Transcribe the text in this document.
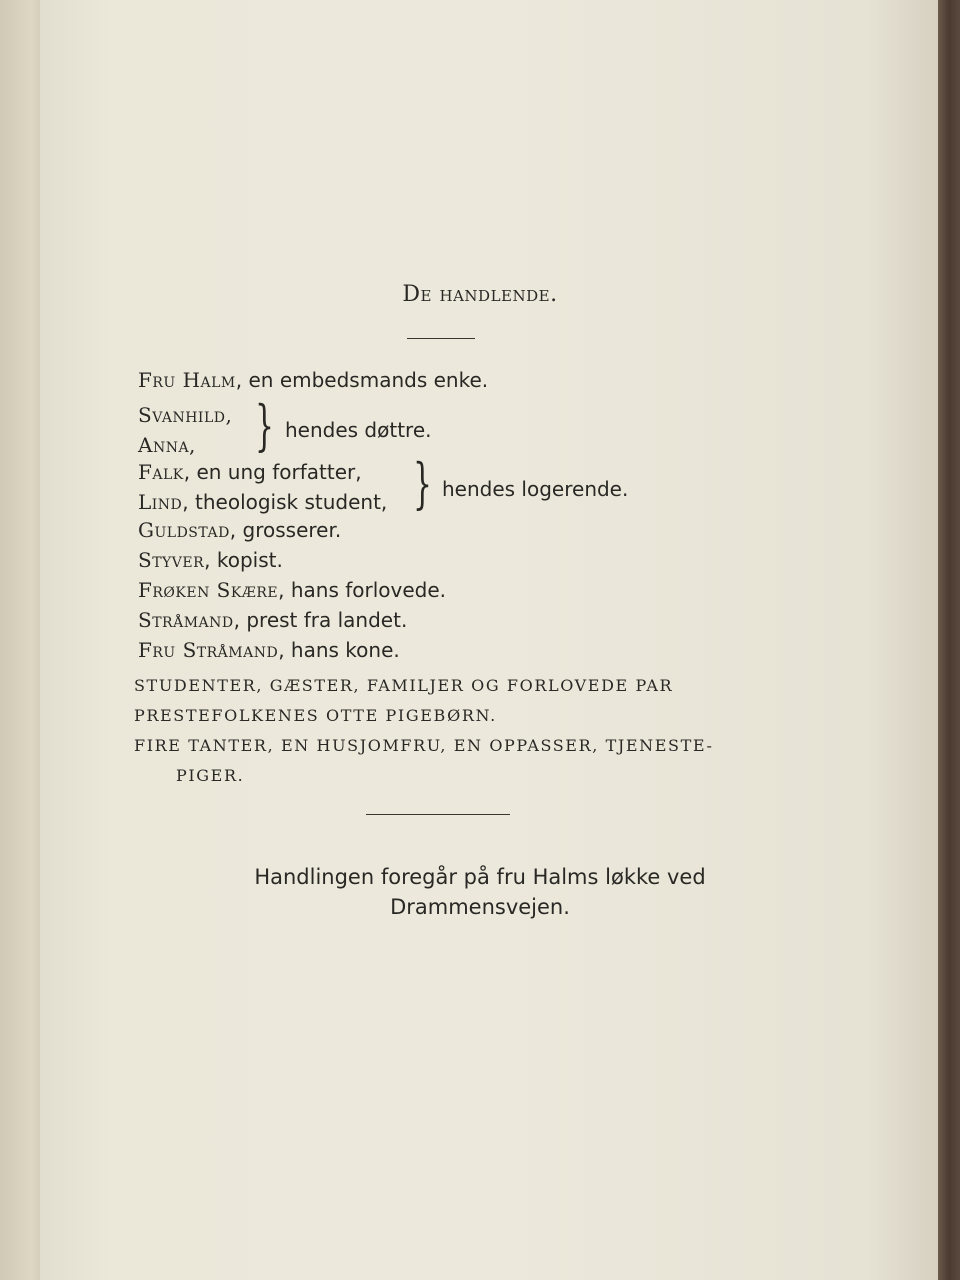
De handlende.
Fru Halm, en embedsmands enke.
Svanhild,
Anna, } hendes døttre.
Falk, en ung forfatter,
Lind, theologisk student, } hendes logerende.
Guldstad, grosserer.
Styver, kopist.
Frøken Skære, hans forlovede.
Stråmand, prest fra landet.
Fru Stråmand, hans kone.
STUDENTER, GÆSTER, FAMILJER OG FORLOVEDE PAR
PRESTEFOLKENES OTTE PIGEBØRN.
FIRE TANTER, EN HUSJOMFRU, EN OPPASSER, TJENESTE-
PIGER.
Handlingen foregår på fru Halms løkke ved
Drammensvejen.
